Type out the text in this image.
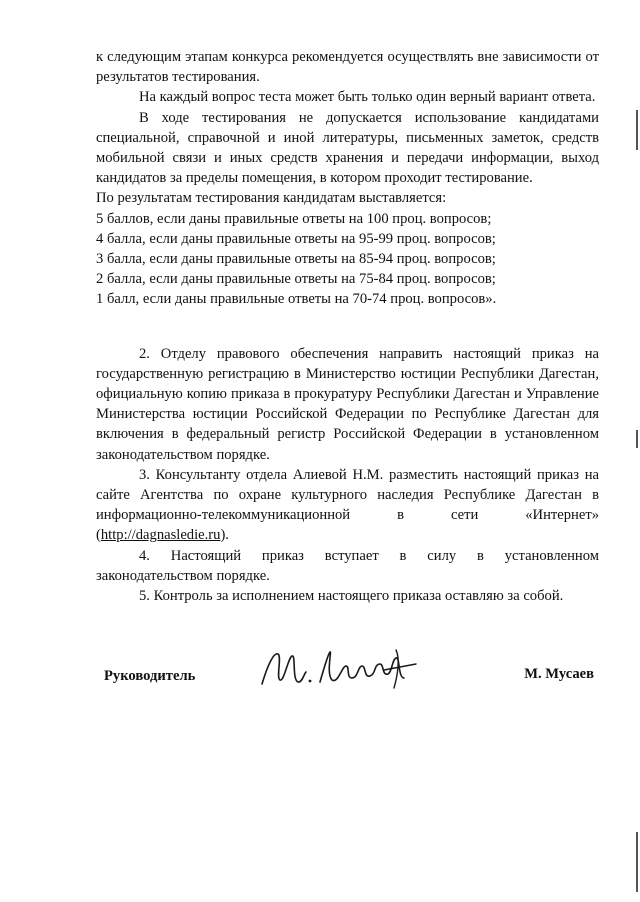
к следующим этапам конкурса рекомендуется осуществлять вне зависимости от результатов тестирования.

На каждый вопрос теста может быть только один верный вариант ответа.

В ходе тестирования не допускается использование кандидатами специальной, справочной и иной литературы, письменных заметок, средств мобильной связи и иных средств хранения и передачи информации, выход кандидатов за пределы помещения, в котором проходит тестирование.

По результатам тестирования кандидатам выставляется:

5 баллов, если даны правильные ответы на 100 проц. вопросов;

4 балла, если даны правильные ответы на 95-99 проц. вопросов;

3 балла, если даны правильные ответы на 85-94 проц. вопросов;

2 балла, если даны правильные ответы на 75-84 проц. вопросов;

1 балл, если даны правильные ответы на 70-74 проц. вопросов».

2. Отделу правового обеспечения направить настоящий приказ на государственную регистрацию в Министерство юстиции Республики Дагестан, официальную копию приказа в прокуратуру Республики Дагестан и Управление Министерства юстиции Российской Федерации по Республике Дагестан для включения в федеральный регистр Российской Федерации в установленном законодательством порядке.

3. Консультанту отдела Алиевой Н.М. разместить настоящий приказ на сайте Агентства по охране культурного наследия Республике Дагестан в информационно-телекоммуникационной в сети «Интернет» (http://dagnasledie.ru).

4. Настоящий приказ вступает в силу в установленном законодательством порядке.

5. Контроль за исполнением настоящего приказа оставляю за собой.

Руководитель	М. Мусаев
